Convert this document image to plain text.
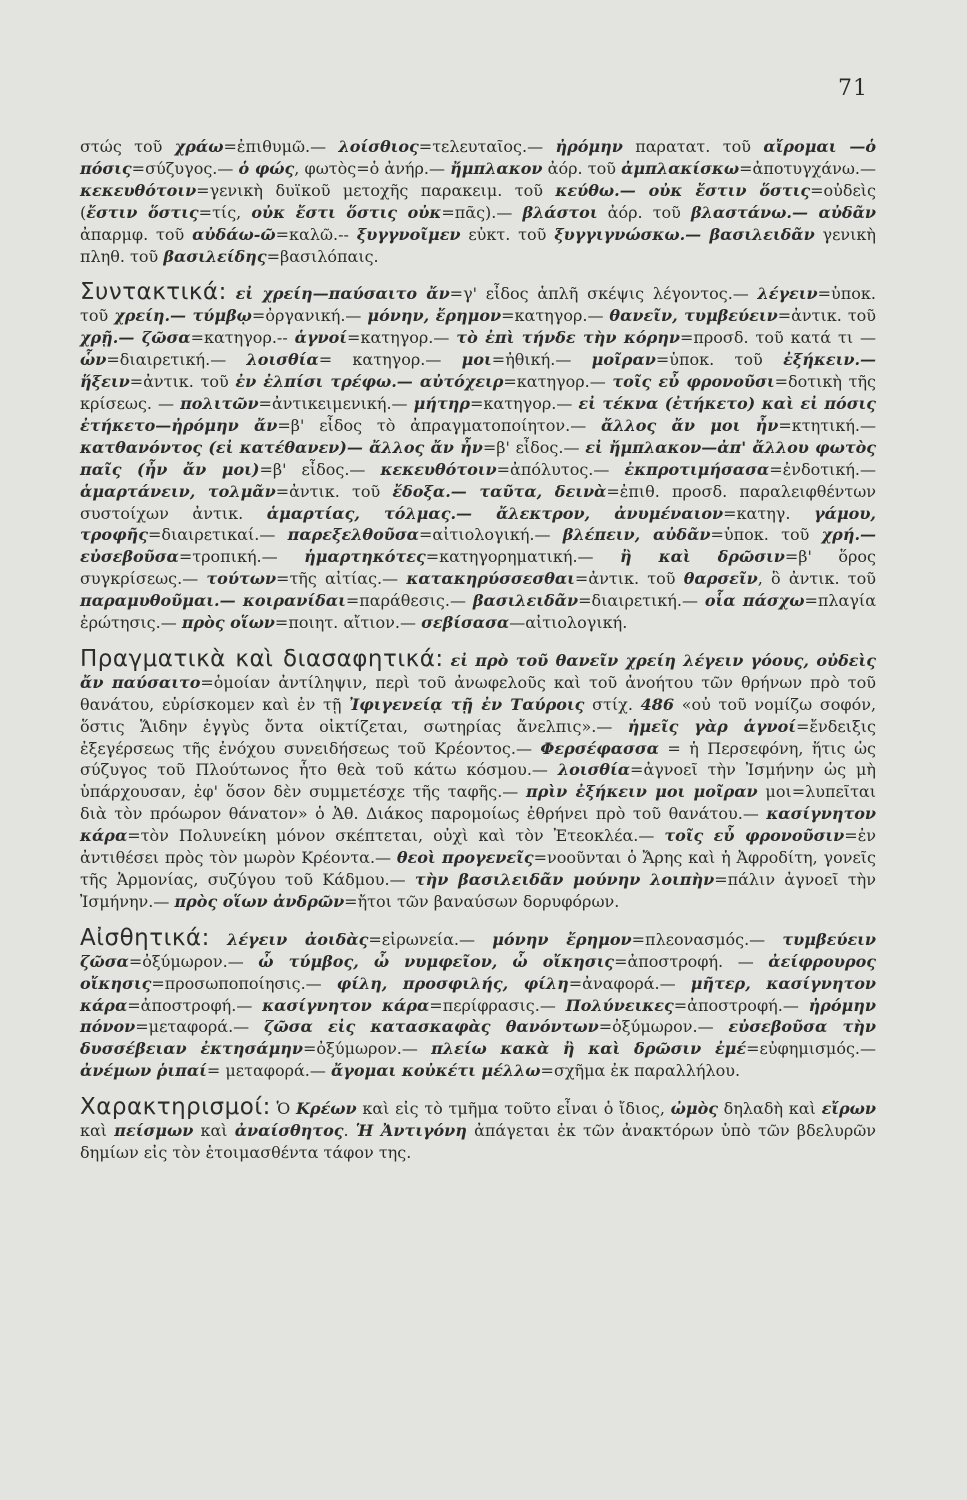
71

στώς τοῦ χράω=ἐπιθυμῶ.— λοίσθιος=τελευταῖος.— ἠρόμην παρατατ. τοῦ αἴρομαι —ὁ πόσις=σύζυγος.— ὁ φώς, φωτὸς=ὁ ἀνήρ.— ἤμπλακον ἀόρ. τοῦ ἀμπλακίσκω=ἀποτυγχάνω.— κεκευθότοιν=γενικὴ δυϊκοῦ μετοχῆς παρακειμ. τοῦ κεύθω.— οὐκ ἔστιν ὅστις=οὐδεὶς (ἔστιν ὅστις=τίς, οὐκ ἔστι ὅστις οὐκ=πᾶς).— βλάστοι ἀόρ. τοῦ βλαστάνω.— αὐδᾶν ἀπαρμφ. τοῦ αὐδάω-ῶ=καλῶ.-- ξυγγνοῖμεν εὐκτ. τοῦ ξυγγιγνώσκω.— βασιλειδᾶν γενικὴ πληθ. τοῦ βασιλείδης=βασιλόπαις.

Συντακτικά: εἰ χρείη—παύσαιτο ἄν=γ' εἶδος ἁπλῆ σκέψις λέγοντος.— λέγειν=ὑποκ. τοῦ χρείη.— τύμβῳ=ὀργανική.— μόνην, ἔρημον=κατηγορ.— θανεῖν, τυμβεύειν=ἀντικ. τοῦ χρῇ.— ζῶσα=κατηγορ.-- ἁγνοί=κατηγορ.— τὸ ἐπὶ τήνδε τὴν κόρην=προσδ. τοῦ κατά τι — ὧν=διαιρετική.— λοισθία= κατηγορ.— μοι=ἠθική.— μοῖραν=ὑποκ. τοῦ ἐξήκειν.— ἥξειν=ἀντικ. τοῦ ἐν ἐλπίσι τρέφω.— αὐτόχειρ=κατηγορ.— τοῖς εὖ φρονοῦσι=δοτικὴ τῆς κρίσεως. — πολιτῶν=ἀντικειμενική.— μήτηρ=κατηγορ.— εἰ τέκνα (ἐτήκετο) καὶ εἰ πόσις ἐτήκετο—ἠρόμην ἄν=β' εἶδος τὸ ἀπραγματοποίητον.— ἄλλος ἄν μοι ἦν=κτητική.— κατθανόντος (εἰ κατέθανεν)— ἄλλος ἄν ἦν=β' εἶδος.— εἰ ἤμπλακον—ἀπ' ἄλλου φωτὸς παῖς (ἦν ἄν μοι)=β' εἶδος.— κεκευθότοιν=ἀπόλυτος.— ἐκπροτιμήσασα=ἐνδοτική.— ἁμαρτάνειν, τολμᾶν=ἀντικ. τοῦ ἔδοξα.— ταῦτα, δεινὰ=ἐπιθ. προσδ. παραλειφθέντων συστοίχων ἀντικ. ἁμαρτίας, τόλμας.— ἄλεκτρον, ἀνυμέναιον=κατηγ. γάμου, τροφῆς=διαιρετικαί.— παρεξελθοῦσα=αἰτιολογική.— βλέπειν, αὐδᾶν=ὑποκ. τοῦ χρή.— εὐσεβοῦσα=τροπική.— ἡμαρτηκότες=κατηγορηματική.— ἢ καὶ δρῶσιν=β' ὅρος συγκρίσεως.— τούτων=τῆς αἰτίας.— κατακηρύσσεσθαι=ἀντικ. τοῦ θαρσεῖν, ὃ ἀντικ. τοῦ παραμυθοῦμαι.— κοιρανίδαι=παράθεσις.— βασιλειδᾶν=διαιρετική.— οἷα πάσχω=πλαγία ἐρώτησις.— πρὸς οἵων=ποιητ. αἴτιον.— σεβίσασα—αἰτιολογική.

Πραγματικὰ καὶ διασαφητικά: εἰ πρὸ τοῦ θανεῖν χρείη λέγειν γόους, οὐδεὶς ἄν παύσαιτο=ὁμοίαν ἀντίληψιν, περὶ τοῦ ἀνωφελοῦς καὶ τοῦ ἀνοήτου τῶν θρήνων πρὸ τοῦ θανάτου, εὑρίσκομεν καὶ ἐν τῇ Ἰφιγενείᾳ τῇ ἐν Ταύροις στίχ. 486 «οὐ τοῦ νομίζω σοφόν, ὅστις Ἅιδην ἐγγὺς ὄντα οἰκτίζεται, σωτηρίας ἄνελπις».— ἡμεῖς γὰρ ἁγνοί=ἔνδειξις ἐξεγέρσεως τῆς ἐνόχου συνειδήσεως τοῦ Κρέοντος.— Φερσέφασσα = ἡ Περσεφόνη, ἥτις ὡς σύζυγος τοῦ Πλούτωνος ἦτο θεὰ τοῦ κάτω κόσμου.— λοισθία=ἀγνοεῖ τὴν Ἰσμήνην ὡς μὴ ὑπάρχουσαν, ἐφ' ὅσον δὲν συμμετέσχε τῆς ταφῆς.— πρὶν ἐξήκειν μοι μοῖραν μοι=λυπεῖται διὰ τὸν πρόωρον θάνατον» ὁ Ἀθ. Διάκος παρομοίως ἐθρήνει πρὸ τοῦ θανάτου.— κασίγνητον κάρα=τὸν Πολυνείκη μόνον σκέπτεται, οὐχὶ καὶ τὸν Ἐτεοκλέα.— τοῖς εὖ φρονοῦσιν=ἐν ἀντιθέσει πρὸς τὸν μωρὸν Κρέοντα.— θεοὶ προγενεῖς=νοοῦνται ὁ Ἄρης καὶ ἡ Ἀφροδίτη, γονεῖς τῆς Ἁρμονίας, συζύγου τοῦ Κάδμου.— τὴν βασιλειδᾶν μούνην λοιπὴν=πάλιν ἀγνοεῖ τὴν Ἰσμήνην.— πρὸς οἵων ἀνδρῶν=ἤτοι τῶν βαναύσων δορυφόρων.

Αἰσθητικά: λέγειν ἀοιδὰς=εἰρωνεία.— μόνην ἔρημον=πλεονασμός.— τυμβεύειν ζῶσα=ὀξύμωρον.— ὦ τύμβος, ὦ νυμφεῖον, ὦ οἴκησις=ἀποστροφή. — ἀείφρουρος οἴκησις=προσωποποίησις.— φίλη, προσφιλής, φίλη=ἀναφορά.— μῆτερ, κασίγνητον κάρα=ἀποστροφή.— κασίγνητον κάρα=περίφρασις.— Πολύνεικες=ἀποστροφή.— ἠρόμην πόνον=μεταφορά.— ζῶσα εἰς κατασκαφὰς θανόντων=ὀξύμωρον.— εὐσεβοῦσα τὴν δυσσέβειαν ἐκτησάμην=ὀξύμωρον.— πλείω κακὰ ἢ καὶ δρῶσιν ἐμέ=εὐφημισμός.— ἀνέμων ῥιπαί= μεταφορά.— ἄγομαι κοὐκέτι μέλλω=σχῆμα ἐκ παραλλήλου.

Χαρακτηρισμοί: Ὁ Κρέων καὶ εἰς τὸ τμῆμα τοῦτο εἶναι ὁ ἴδιος, ὠμὸς δηλαδὴ καὶ εἴρων καὶ πείσμων καὶ ἀναίσθητος. Ἡ Ἀντιγόνη ἀπάγεται ἐκ τῶν ἀνακτόρων ὑπὸ τῶν βδελυρῶν δημίων εἰς τὸν ἑτοιμασθέντα τάφον της.
